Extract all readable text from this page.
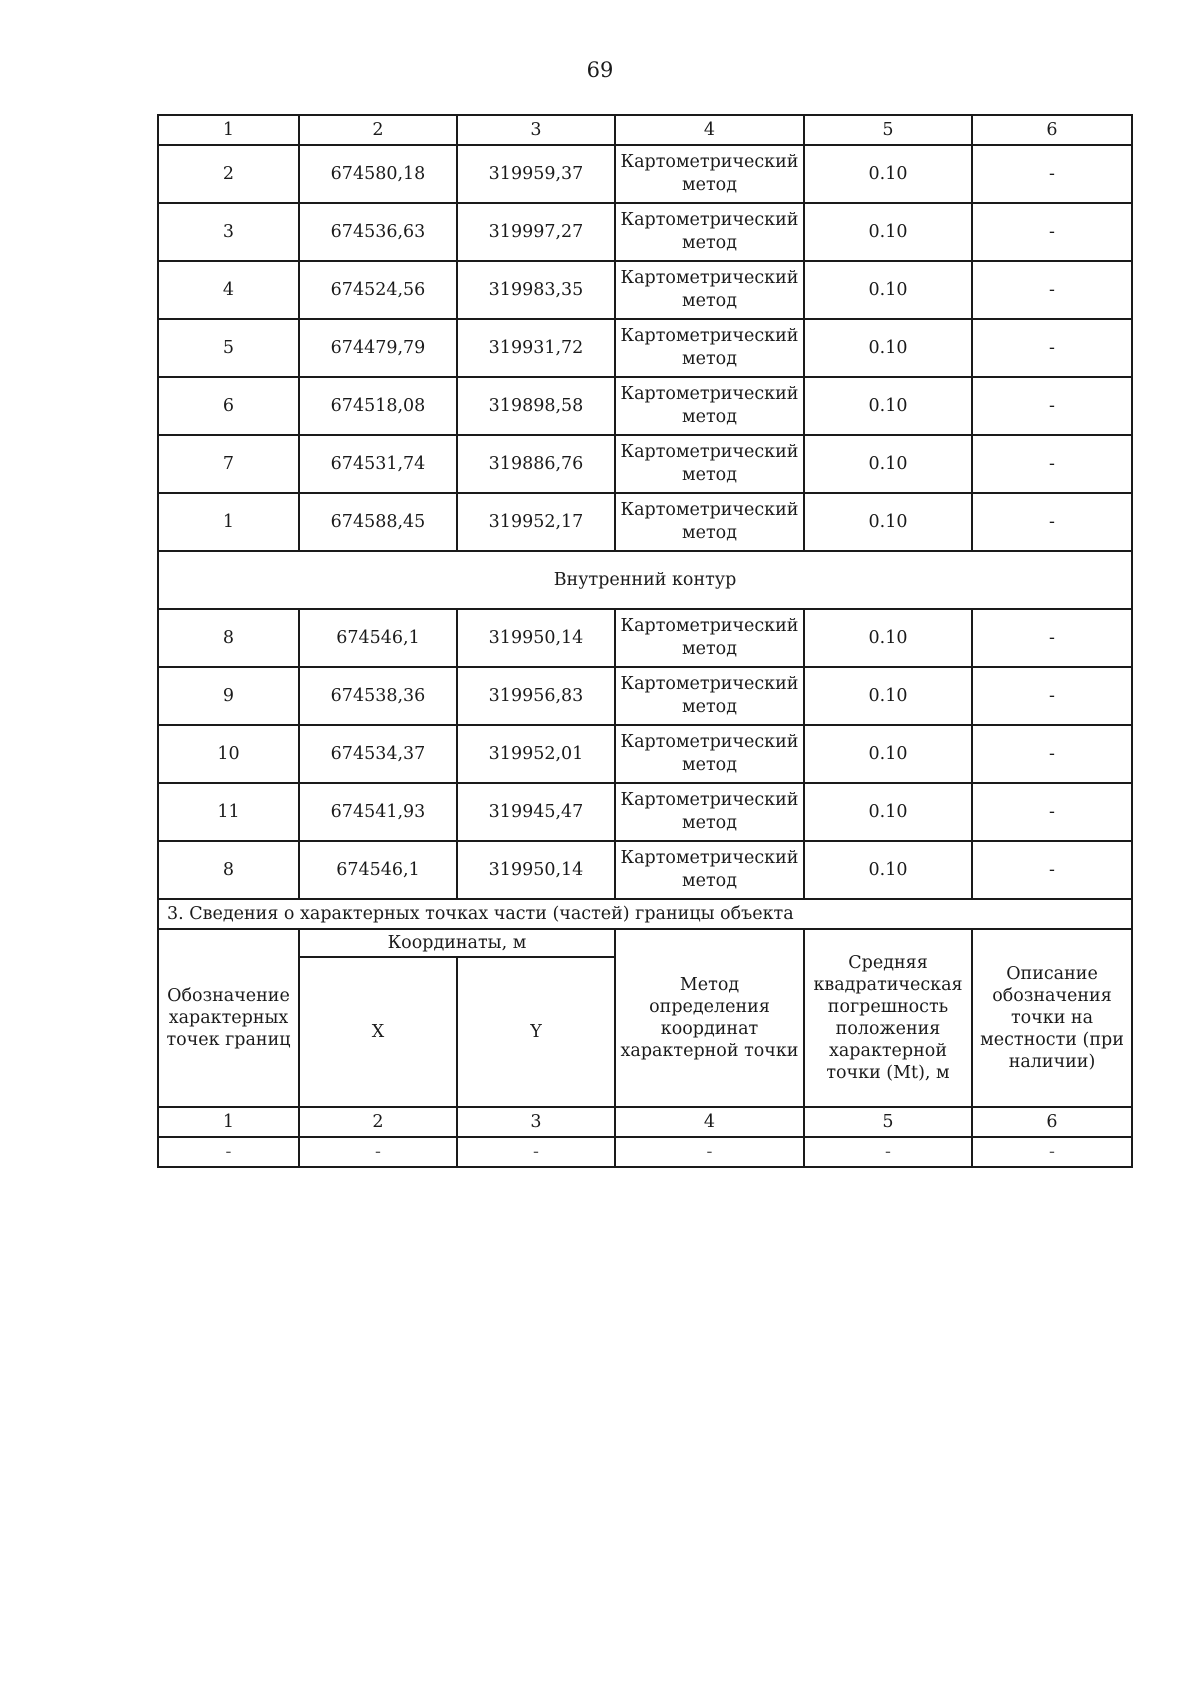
69
1	2	3	4	5	6
2	674580,18	319959,37	Картометрический метод	0.10	-
3	674536,63	319997,27	Картометрический метод	0.10	-
4	674524,56	319983,35	Картометрический метод	0.10	-
5	674479,79	319931,72	Картометрический метод	0.10	-
6	674518,08	319898,58	Картометрический метод	0.10	-
7	674531,74	319886,76	Картометрический метод	0.10	-
1	674588,45	319952,17	Картометрический метод	0.10	-
Внутренний контур					
8	674546,1	319950,14	Картометрический метод	0.10	-
9	674538,36	319956,83	Картометрический метод	0.10	-
10	674534,37	319952,01	Картометрический метод	0.10	-
11	674541,93	319945,47	Картометрический метод	0.10	-
8	674546,1	319950,14	Картометрический метод	0.10	-
3. Сведения о характерных точках части (частей) границы объекта					
Обозначение характерных точек границ	Координаты, м		Метод определения координат характерной точки	Средняя квадратическая погрешность положения характерной точки (Mt), м	Описание обозначения точки на местности (при наличии)
	X	Y			
1	2	3	4	5	6
-	-	-	-	-	-
